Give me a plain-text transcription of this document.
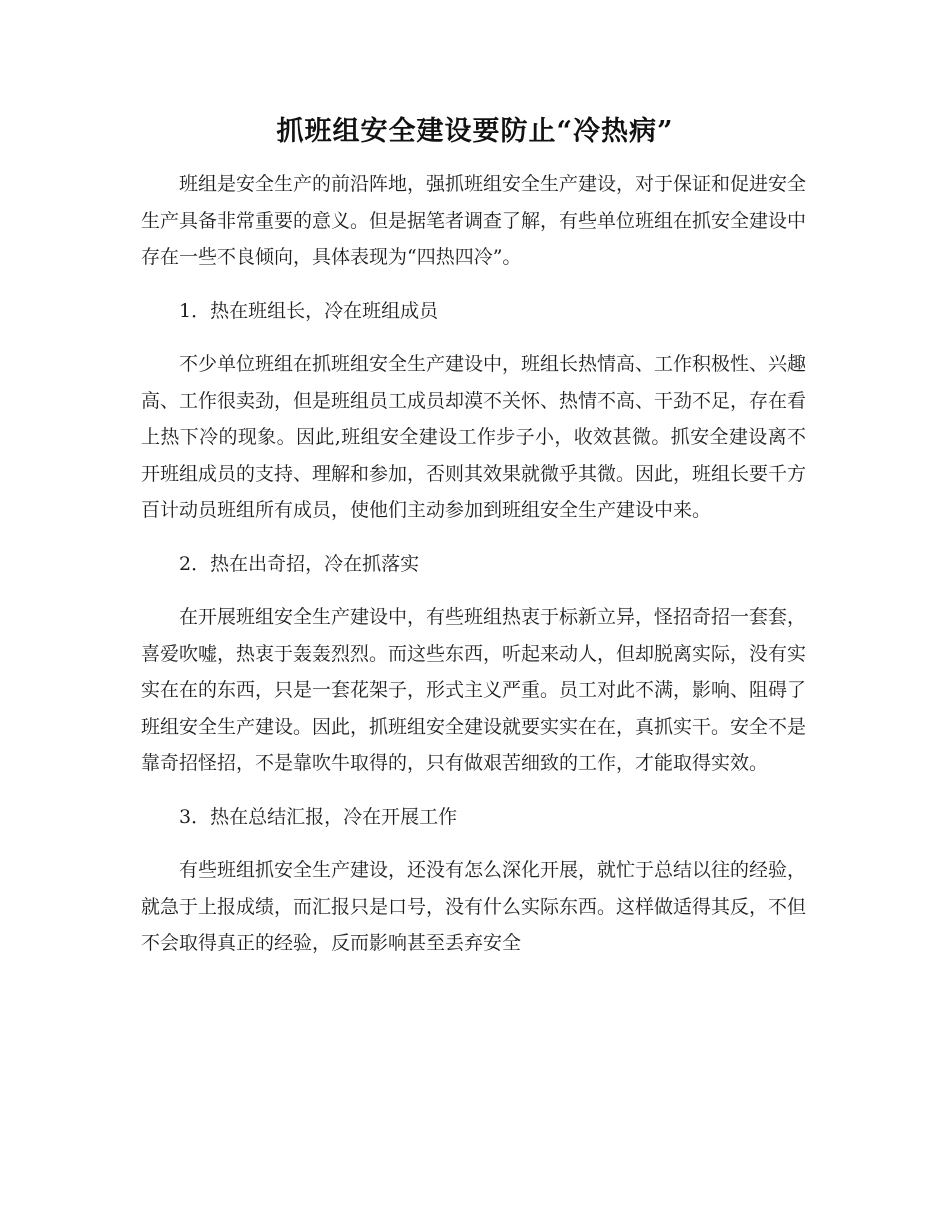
抓班组安全建设要防止“冷热病”

班组是安全生产的前沿阵地，强抓班组安全生产建设，对于保证和促进安全生产具备非常重要的意义。但是据笔者调查了解，有些单位班组在抓安全建设中存在一些不良倾向，具体表现为“四热四冷”。

1．热在班组长，冷在班组成员

不少单位班组在抓班组安全生产建设中，班组长热情高、工作积极性、兴趣高、工作很卖劲，但是班组员工成员却漠不关怀、热情不高、干劲不足，存在看上热下冷的现象。因此,班组安全建设工作步子小，收效甚微。抓安全建设离不开班组成员的支持、理解和参加，否则其效果就微乎其微。因此，班组长要千方百计动员班组所有成员，使他们主动参加到班组安全生产建设中来。

2．热在出奇招，冷在抓落实

在开展班组安全生产建设中，有些班组热衷于标新立异，怪招奇招一套套，喜爱吹嘘，热衷于轰轰烈烈。而这些东西，听起来动人，但却脱离实际，没有实实在在的东西，只是一套花架子，形式主义严重。员工对此不满，影响、阻碍了班组安全生产建设。因此，抓班组安全建设就要实实在在，真抓实干。安全不是靠奇招怪招，不是靠吹牛取得的，只有做艰苦细致的工作，才能取得实效。

3．热在总结汇报，冷在开展工作

有些班组抓安全生产建设，还没有怎么深化开展，就忙于总结以往的经验，就急于上报成绩，而汇报只是口号，没有什么实际东西。这样做适得其反，不但不会取得真正的经验，反而影响甚至丢弃安全
